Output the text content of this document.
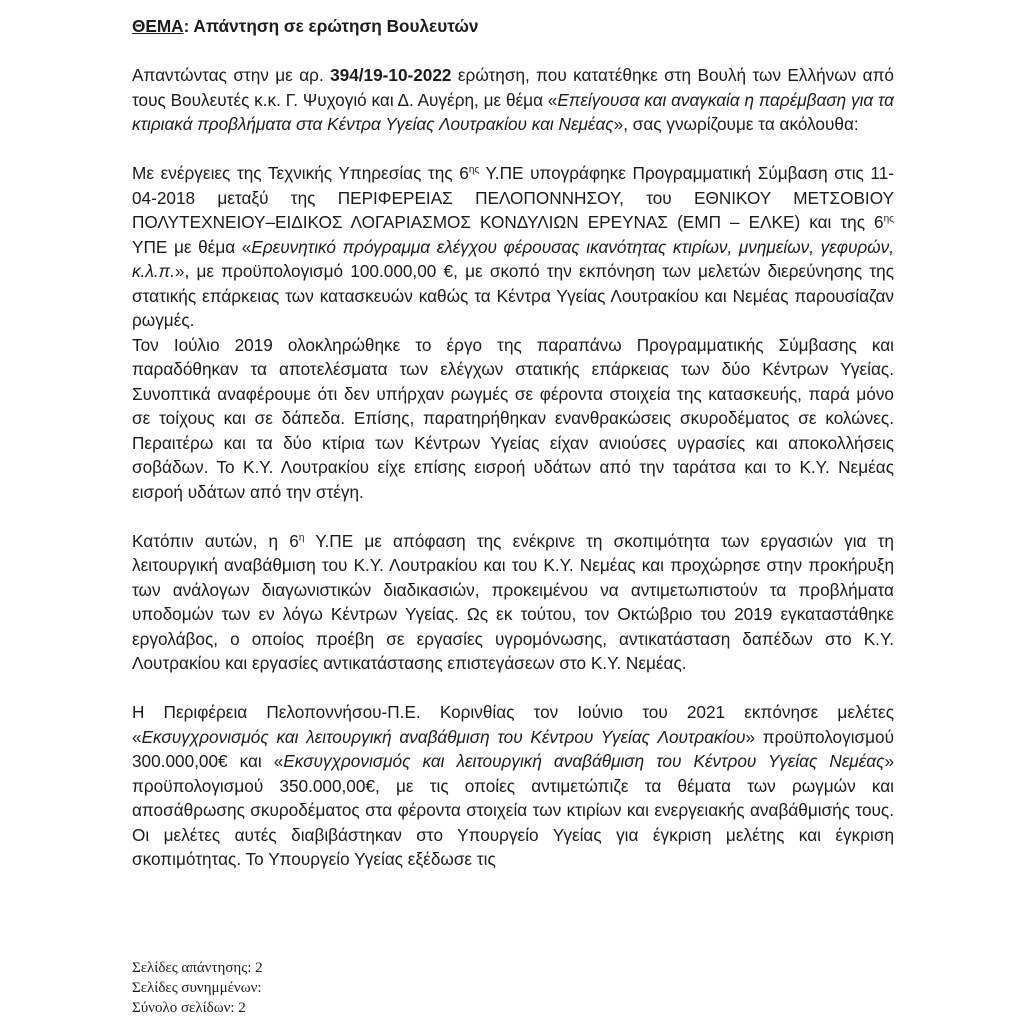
ΘΕΜΑ: Απάντηση σε ερώτηση Βουλευτών

Απαντώντας στην με αρ. 394/19-10-2022 ερώτηση, που κατατέθηκε στη Βουλή των Ελλήνων από τους Βουλευτές κ.κ. Γ. Ψυχογιό και Δ. Αυγέρη, με θέμα «Επείγουσα και αναγκαία η παρέμβαση για τα κτιριακά προβλήματα στα Κέντρα Υγείας Λουτρακίου και Νεμέας», σας γνωρίζουμε τα ακόλουθα:

Με ενέργειες της Τεχνικής Υπηρεσίας της $6^{\eta\varsigma}$ Υ.ΠΕ υπογράφηκε Προγραμματική Σύμβαση στις 11-04-2018 μεταξύ της ΠΕΡΙΦΕΡΕΙΑΣ ΠΕΛΟΠΟΝΝΗΣΟΥ, του ΕΘΝΙΚΟΥ ΜΕΤΣΟΒΙΟΥ ΠΟΛΥΤΕΧΝΕΙΟΥ–ΕΙΔΙΚΟΣ ΛΟΓΑΡΙΑΣΜΟΣ ΚΟΝΔΥΛΙΩΝ ΕΡΕΥΝΑΣ (ΕΜΠ – ΕΛΚΕ) και της $6^{\eta\varsigma}$ ΥΠΕ με θέμα «Ερευνητικό πρόγραμμα ελέγχου φέρουσας ικανότητας κτιρίων, μνημείων, γεφυρών, κ.λ.π.», με προϋπολογισμό 100.000,00 €, με σκοπό την εκπόνηση των μελετών διερεύνησης της στατικής επάρκειας των κατασκευών καθώς τα Κέντρα Υγείας Λουτρακίου και Νεμέας παρουσίαζαν ρωγμές.

Τον Ιούλιο 2019 ολοκληρώθηκε το έργο της παραπάνω Προγραμματικής Σύμβασης και παραδόθηκαν τα αποτελέσματα των ελέγχων στατικής επάρκειας των δύο Κέντρων Υγείας. Συνοπτικά αναφέρουμε ότι δεν υπήρχαν ρωγμές σε φέροντα στοιχεία της κατασκευής, παρά μόνο σε τοίχους και σε δάπεδα. Επίσης, παρατηρήθηκαν ενανθρακώσεις σκυροδέματος σε κολώνες. Περαιτέρω και τα δύο κτίρια των Κέντρων Υγείας είχαν ανιούσες υγρασίες και αποκολλήσεις σοβάδων. Το Κ.Υ. Λουτρακίου είχε επίσης εισροή υδάτων από την ταράτσα και το Κ.Υ. Νεμέας εισροή υδάτων από την στέγη.

Κατόπιν αυτών, η $6^\eta$ Υ.ΠΕ με απόφαση της ενέκρινε τη σκοπιμότητα των εργασιών για τη λειτουργική αναβάθμιση του Κ.Υ. Λουτρακίου και του Κ.Υ. Νεμέας και προχώρησε στην προκήρυξη των ανάλογων διαγωνιστικών διαδικασιών, προκειμένου να αντιμετωπιστούν τα προβλήματα υποδομών των εν λόγω Κέντρων Υγείας. Ως εκ τούτου, τον Οκτώβριο του 2019 εγκαταστάθηκε εργολάβος, ο οποίος προέβη σε εργασίες υγρομόνωσης, αντικατάσταση δαπέδων στο Κ.Υ. Λουτρακίου και εργασίες αντικατάστασης επιστεγάσεων στο Κ.Υ. Νεμέας.

Η Περιφέρεια Πελοποννήσου-Π.Ε. Κορινθίας τον Ιούνιο του 2021 εκπόνησε μελέτες «Εκσυγχρονισμός και λειτουργική αναβάθμιση του Κέντρου Υγείας Λουτρακίου» προϋπολογισμού 300.000,00€ και «Εκσυγχρονισμός και λειτουργική αναβάθμιση του Κέντρου Υγείας Νεμέας» προϋπολογισμού 350.000,00€, με τις οποίες αντιμετώπιζε τα θέματα των ρωγμών και αποσάθρωσης σκυροδέματος στα φέροντα στοιχεία των κτιρίων και ενεργειακής αναβάθμισής τους. Οι μελέτες αυτές διαβιβάστηκαν στο Υπουργείο Υγείας για έγκριση μελέτης και έγκριση σκοπιμότητας. Το Υπουργείο Υγείας εξέδωσε τις

Σελίδες απάντησης: 2
Σελίδες συνημμένων:
Σύνολο σελίδων: 2
